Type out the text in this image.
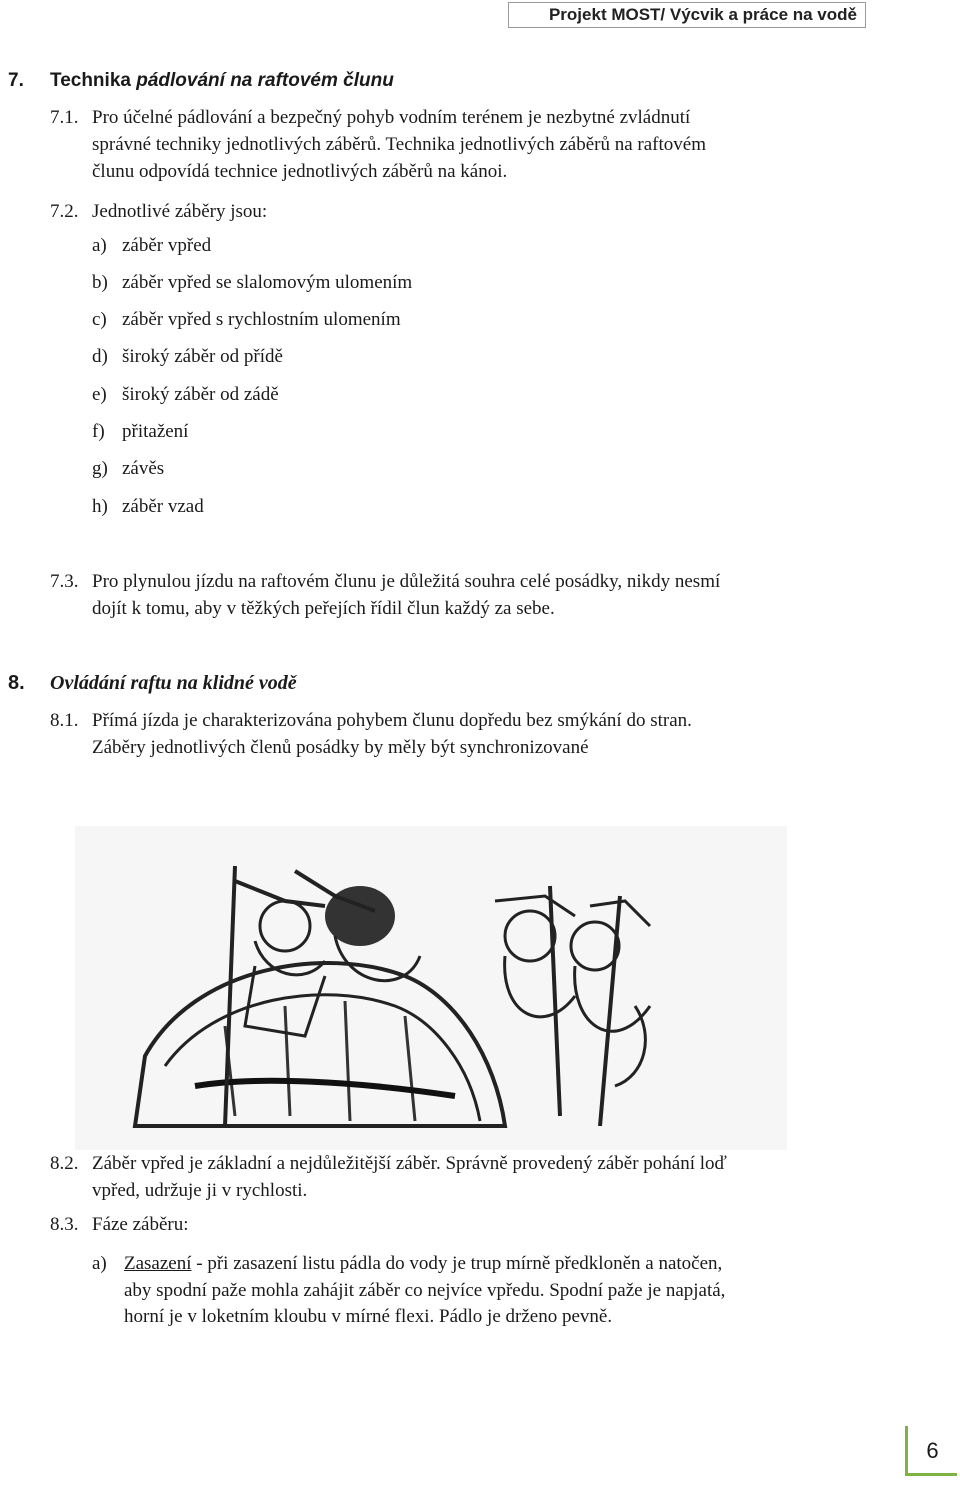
Projekt MOST/ Výcvik a práce na vodě
7. Technika pádlování na raftovém člunu
7.1. Pro účelné pádlování a bezpečný pohyb vodním terénem je nezbytné zvládnutí
správné techniky jednotlivých záběrů. Technika jednotlivých záběrů na raftovém
člunu odpovídá technice jednotlivých záběrů na kánoi.
7.2. Jednotlivé záběry jsou:
a) záběr vpřed
b) záběr vpřed se slalomovým ulomením
c) záběr vpřed s rychlostním ulomením
d) široký záběr od přídě
e) široký záběr od zádě
f) přitažení
g) závěs
h) záběr vzad
7.3. Pro plynulou jízdu na raftovém člunu je důležitá souhra celé posádky, nikdy nesmí
dojít k tomu, aby v těžkých peřejích řídil člun každý za sebe.
8. Ovládání raftu na klidné vodě
8.1. Přímá jízda je charakterizována pohybem člunu dopředu bez smýkání do stran.
Záběry jednotlivých členů posádky by měly být synchronizované
8.2. Záběr vpřed je základní a nejdůležitější záběr. Správně provedený záběr pohání loď
vpřed, udržuje ji v rychlosti.
8.3. Fáze záběru:
a) Zasazení - při zasazení listu pádla do vody je trup mírně předkloněn a natočen,
aby spodní paže mohla zahájit záběr co nejvíce vpředu. Spodní paže je napjatá,
horní je v loketním kloubu v mírné flexi. Pádlo je drženo pevně.
6
